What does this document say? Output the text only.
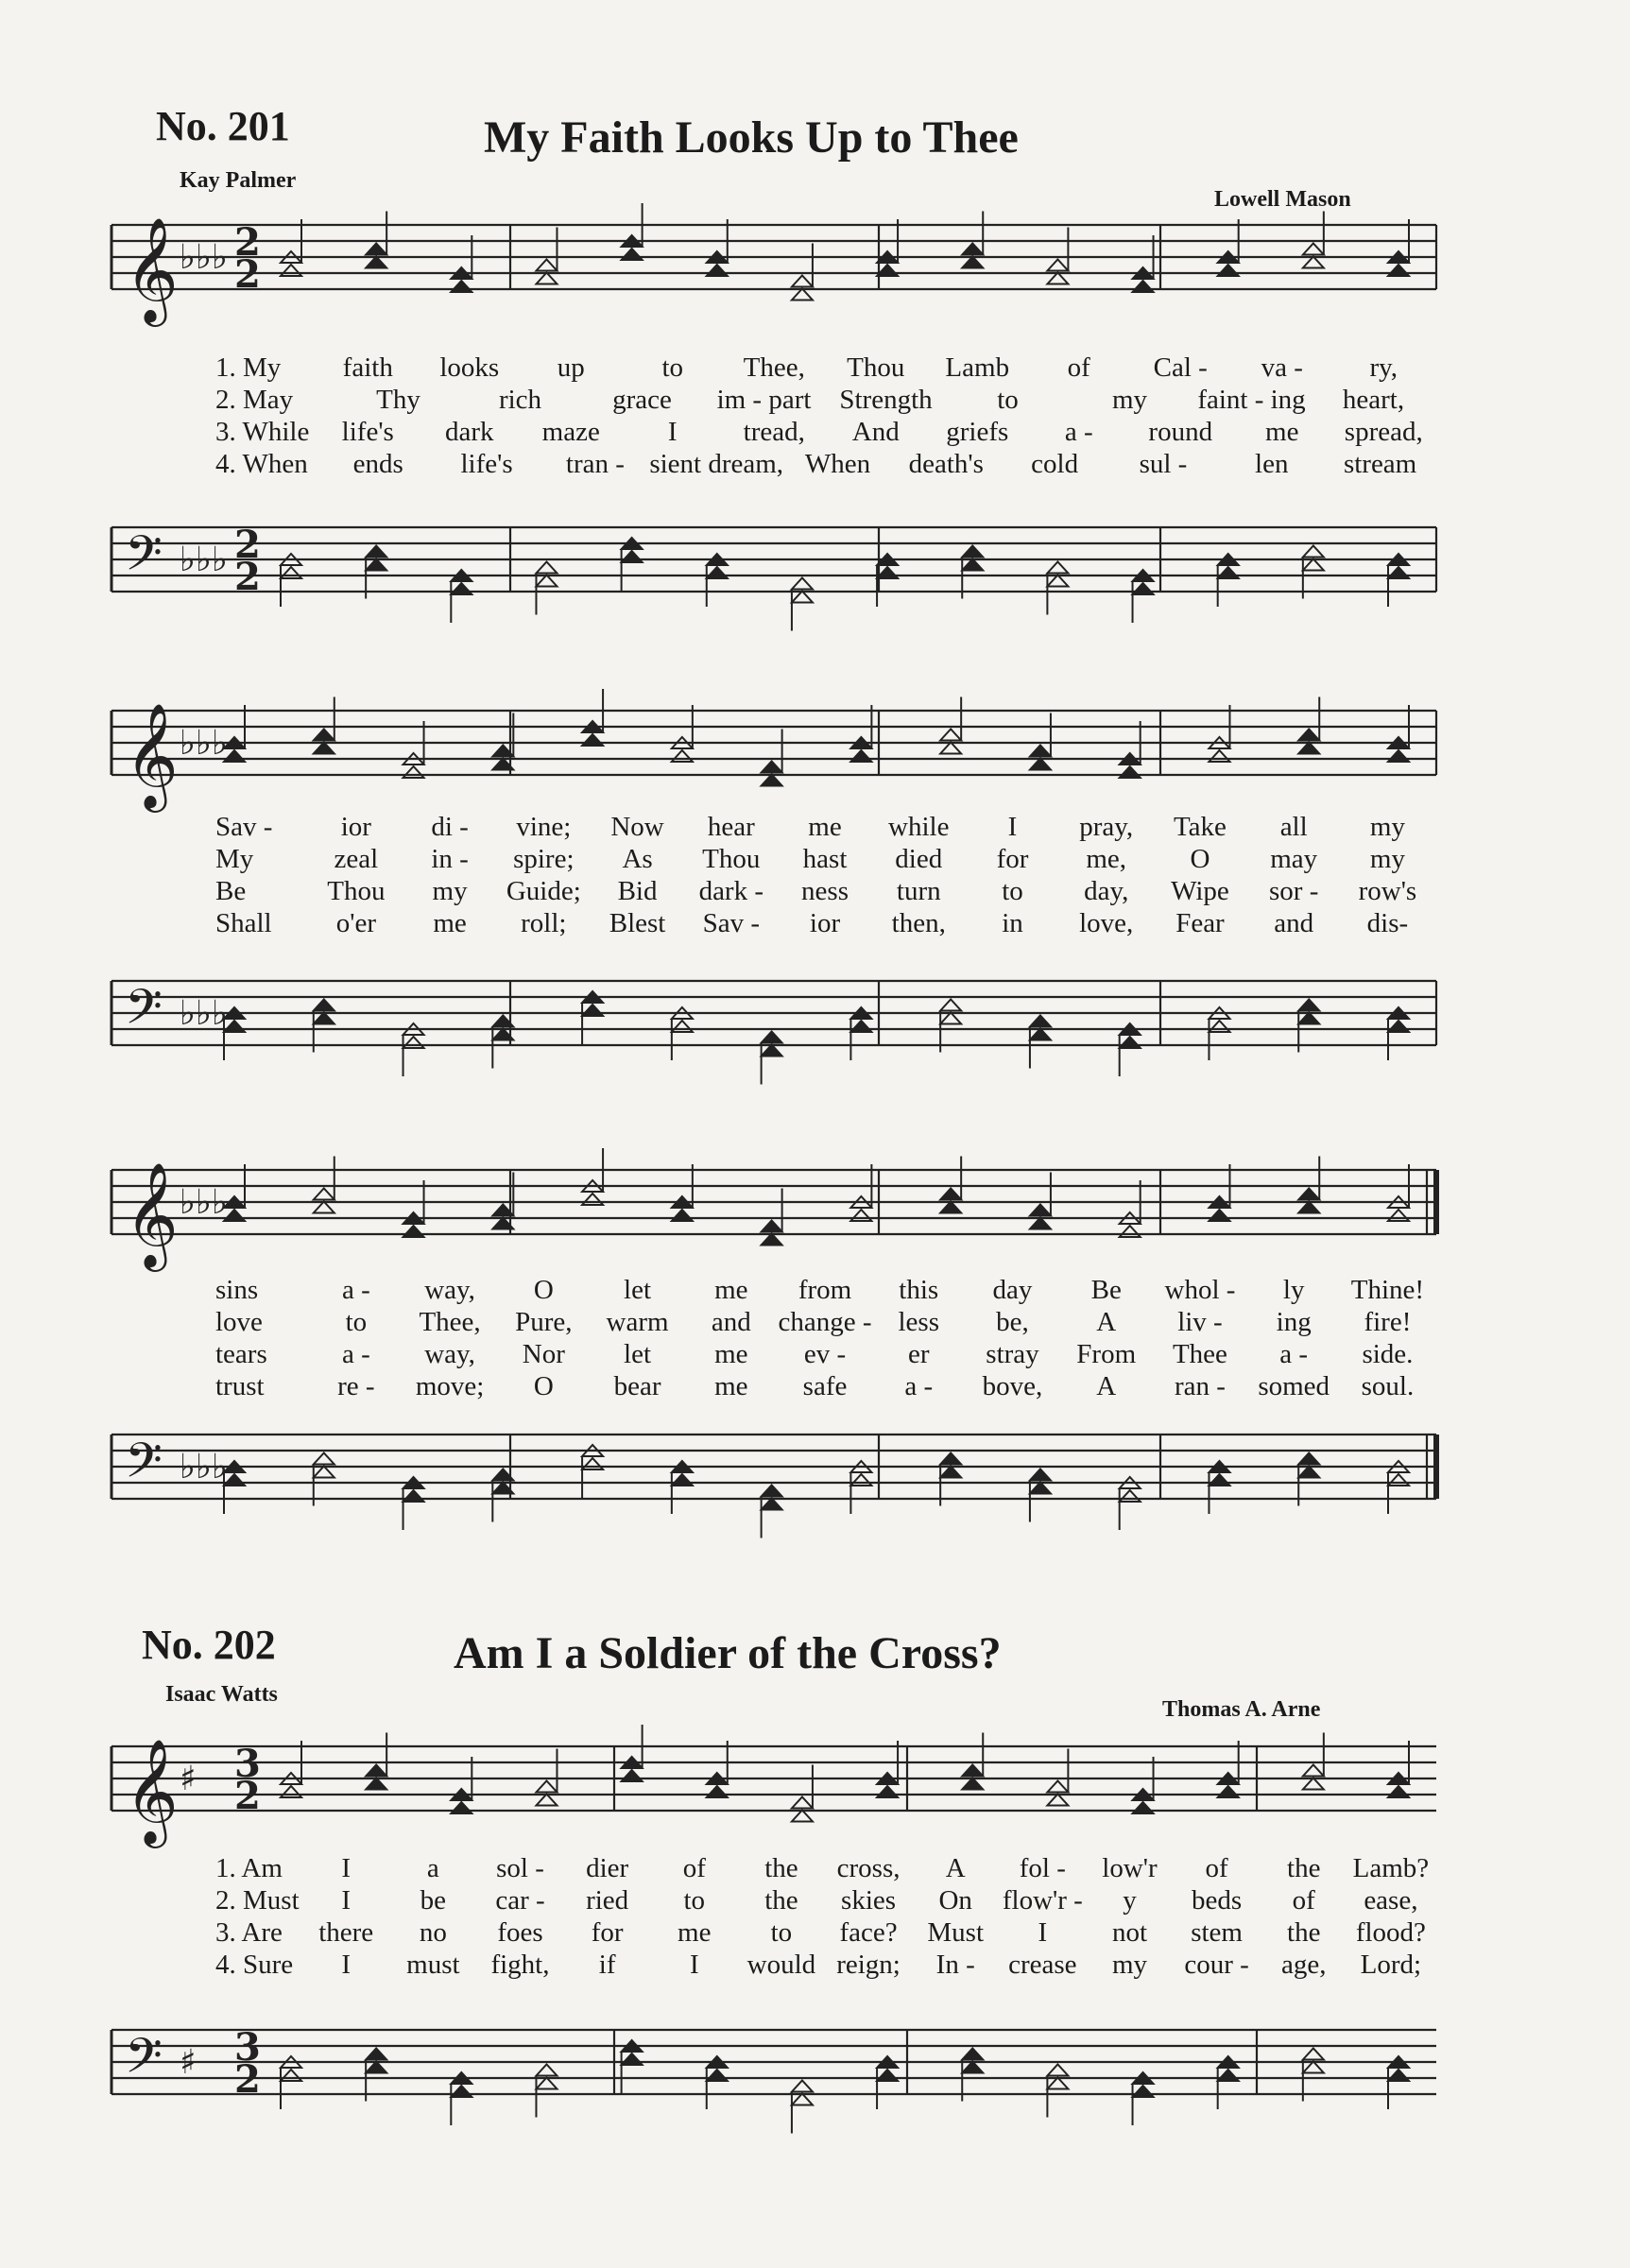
No. 201	My Faith Looks Up to Thee
Kay Palmer
Lowell Mason
𝄞 ♭♭♭ 2
2
𝄢 ♭♭♭ 2
2
1. My	faith	looks	up	to	Thee,	Thou	Lamb	of	Cal -	va -	ry,
2. May	Thy	rich	grace	im - part	Strength	to	my	faint - ing	heart,
3. While	life's	dark	maze	I	tread,	And	griefs	a -	round	me	spread,
4. When	ends	life's	tran - sient dream, When	death's	cold	sul -	len	stream
𝄞 ♭♭♭
𝄢 ♭♭♭
Sav -	ior	di -	vine;	Now	hear	me	while	I	pray,	Take	all	my
My	zeal	in -	spire;	As	Thou	hast	died	for	me,	O	may	my
Be	Thou	my	Guide;	Bid	dark -	ness	turn	to	day,	Wipe	sor -	row's
Shall	o'er	me	roll;	Blest	Sav -	ior	then,	in	love,	Fear	and	dis-
𝄞 ♭♭♭
𝄢 ♭♭♭
sins	a -	way,	O	let	me	from	this	day	Be	whol -	ly	Thine!
love	to	Thee,	Pure,	warm	and change - less	be,	A	liv -	ing	fire!
tears	a -	way,	Nor	let	me	ev -	er	stray	From	Thee	a -	side.
trust	re -	move;	O	bear	me	safe	a -	bove,	A	ran -	somed	soul.
𝄞 ♯ 3
2
𝄢 ♯ 3
2
1. Am	I	a	sol -	dier	of	the	cross,	A	fol -	low'r	of	the	Lamb?
2. Must	I	be	car -	ried	to	the	skies	On	flow'r -	y	beds	of	ease,
3. Are	there	no	foes	for	me	to	face?	Must	I	not	stem	the	flood?
4. Sure	I	must	fight,	if	I	would reign;	In -	crease	my	cour -	age,	Lord;
No. 202	Am I a Soldier of the Cross?
Isaac Watts
Thomas A. Arne
